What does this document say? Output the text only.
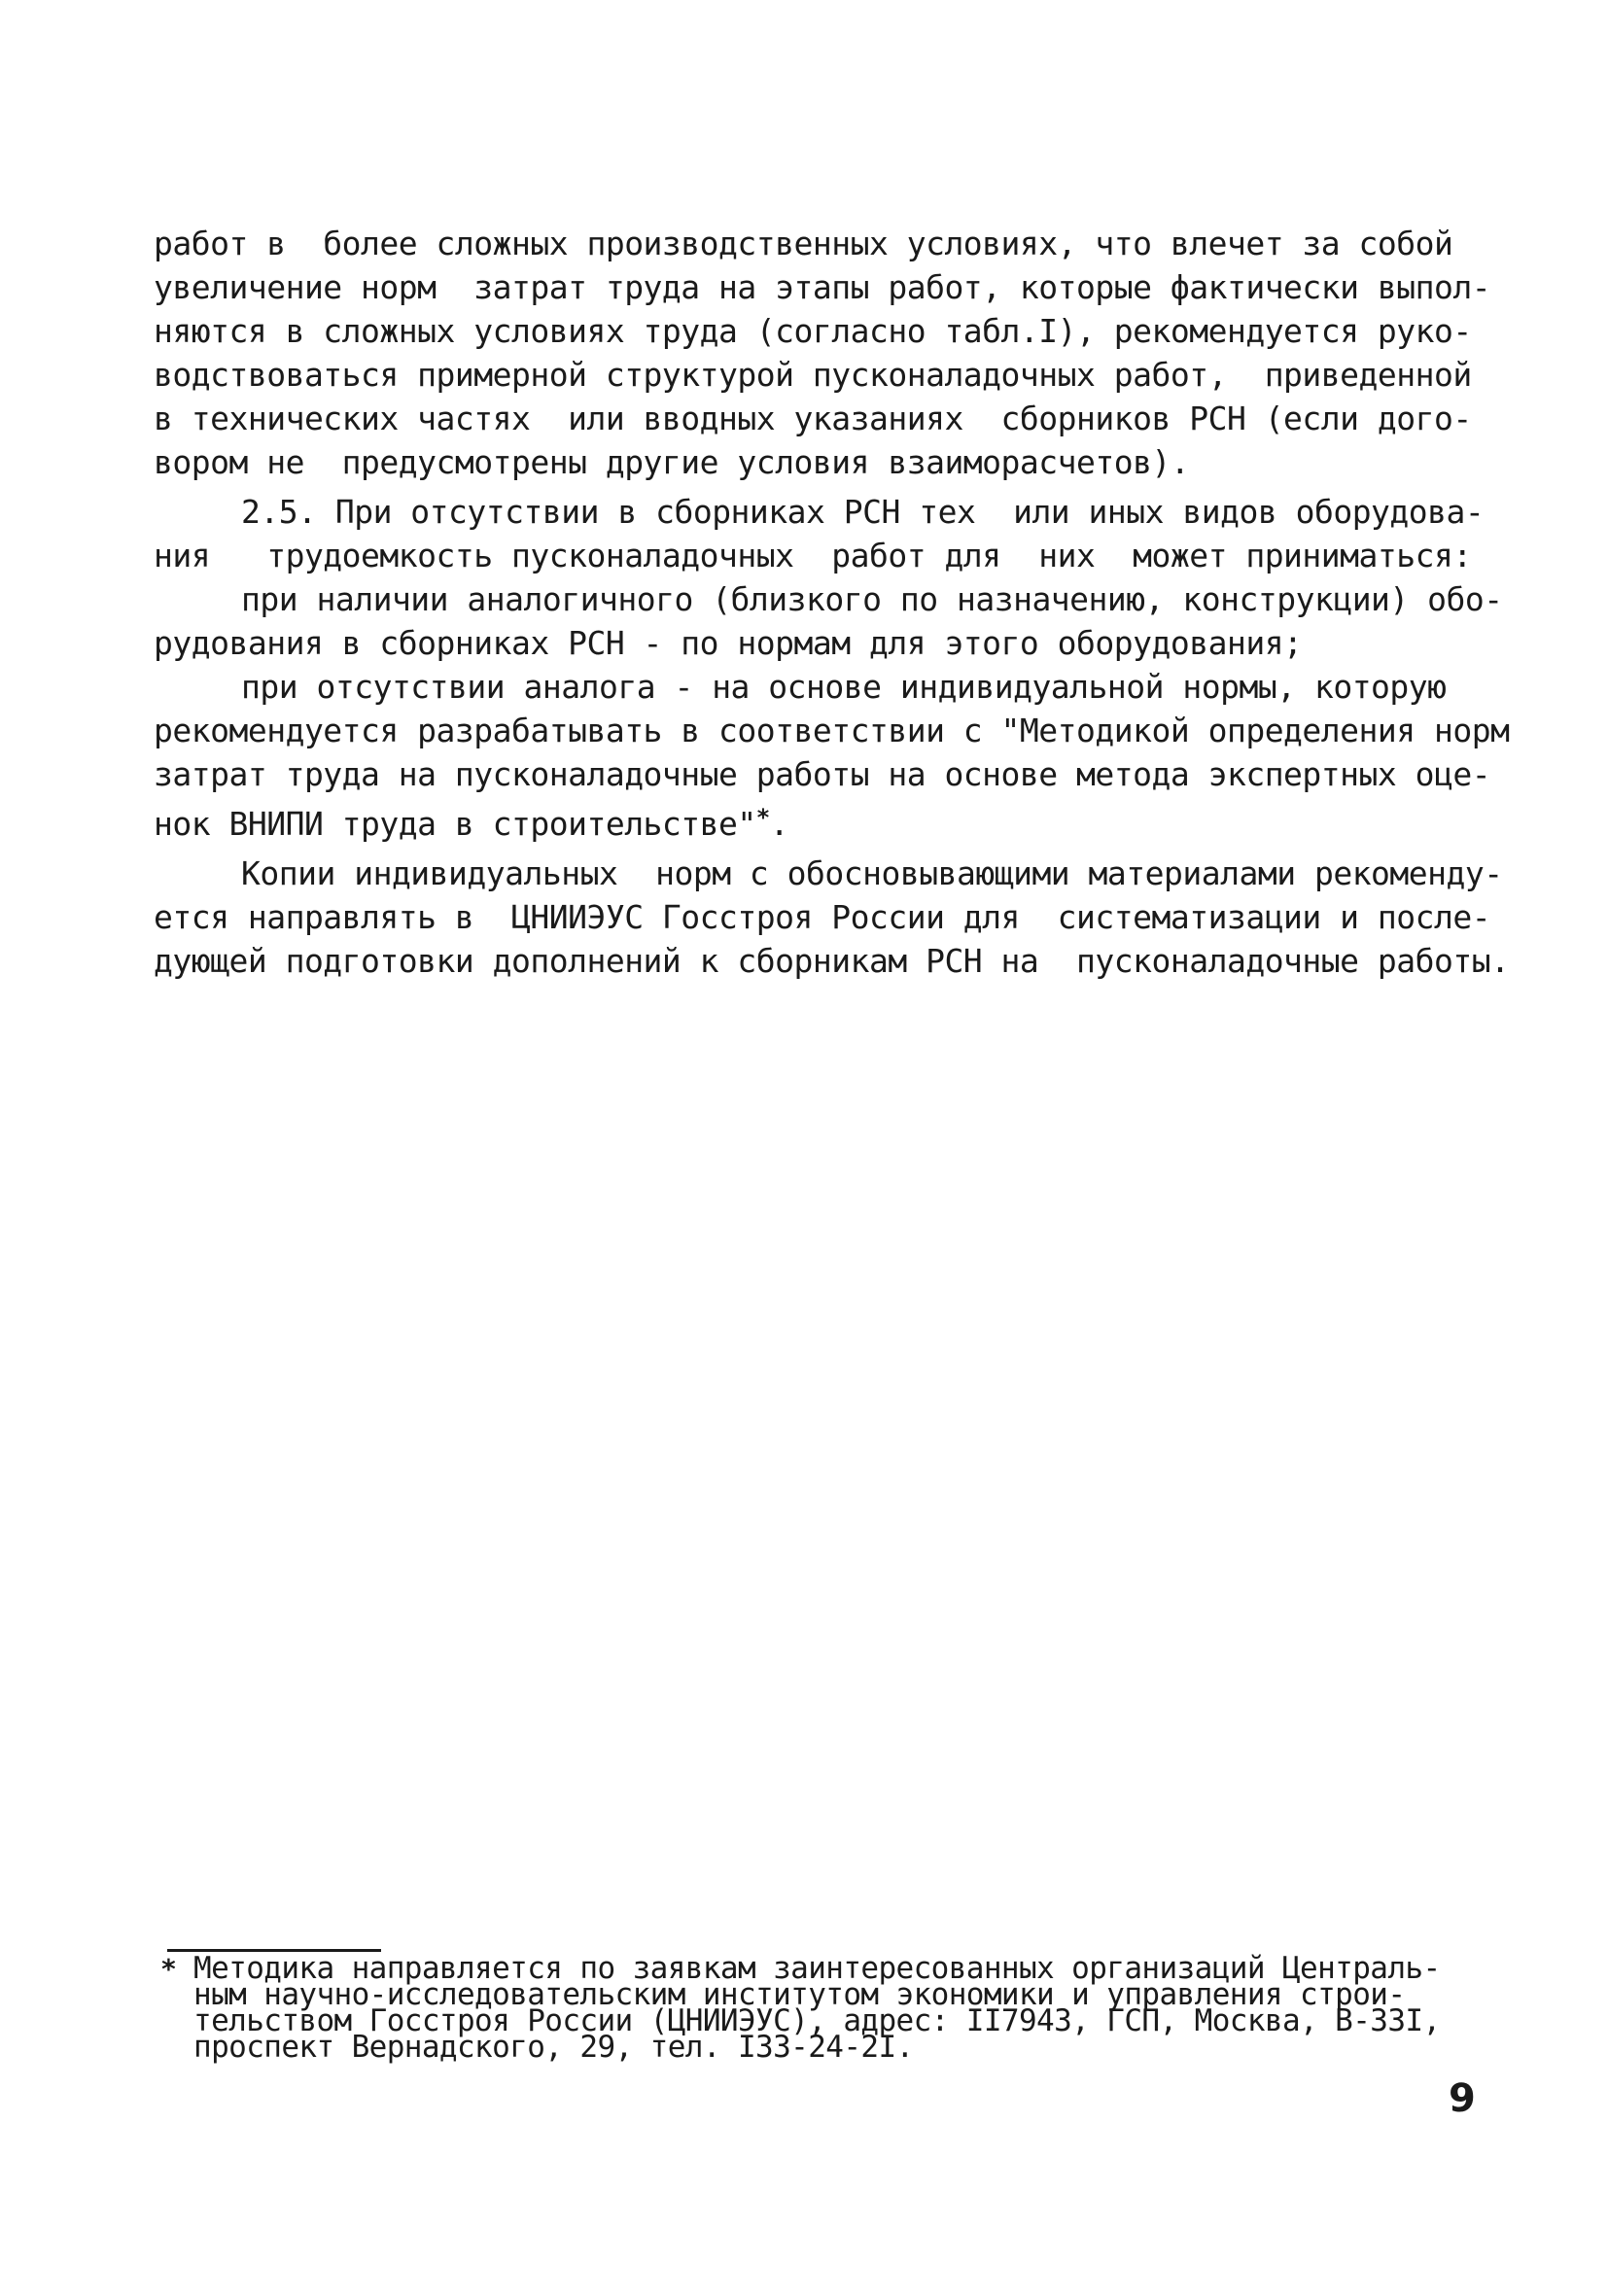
работ в  более сложных производственных условиях, что влечет за собой
увеличение норм  затрат труда на этапы работ, которые фактически выпол-
няются в сложных условиях труда (согласно табл.I), рекомендуется руко-
водствоваться примерной структурой пусконаладочных работ,  приведенной
в технических частях  или вводных указаниях  сборников РСН (если дого-
вором не  предусмотрены другие условия взаиморасчетов).
2.5. При отсутствии в сборниках РСН тех  или иных видов оборудова-
ния   трудоемкость пусконаладочных  работ для  них  может приниматься:
при наличии аналогичного (близкого по назначению, конструкции) обо-
рудования в сборниках РСН - по нормам для этого оборудования;
при отсутствии аналога - на основе индивидуальной нормы, которую
рекомендуется разрабатывать в соответствии с "Методикой определения норм
затрат труда на пусконаладочные работы на основе метода экспертных оце-
нок ВНИПИ труда в строительстве"*.
Копии индивидуальных  норм с обосновывающими материалами рекоменду-
ется направлять в  ЦНИИЭУС Госстроя России для  систематизации и после-
дующей подготовки дополнений к сборникам РСН на  пусконаладочные работы.
* Методика направляется по заявкам заинтересованных организаций Централь-
ным научно-исследовательским институтом экономики и управления строи-
тельством Госстроя России (ЦНИИЭУС), адрес: II7943, ГСП, Москва, В-33I,
проспект Вернадского, 29, тел. I33-24-2I.
9
